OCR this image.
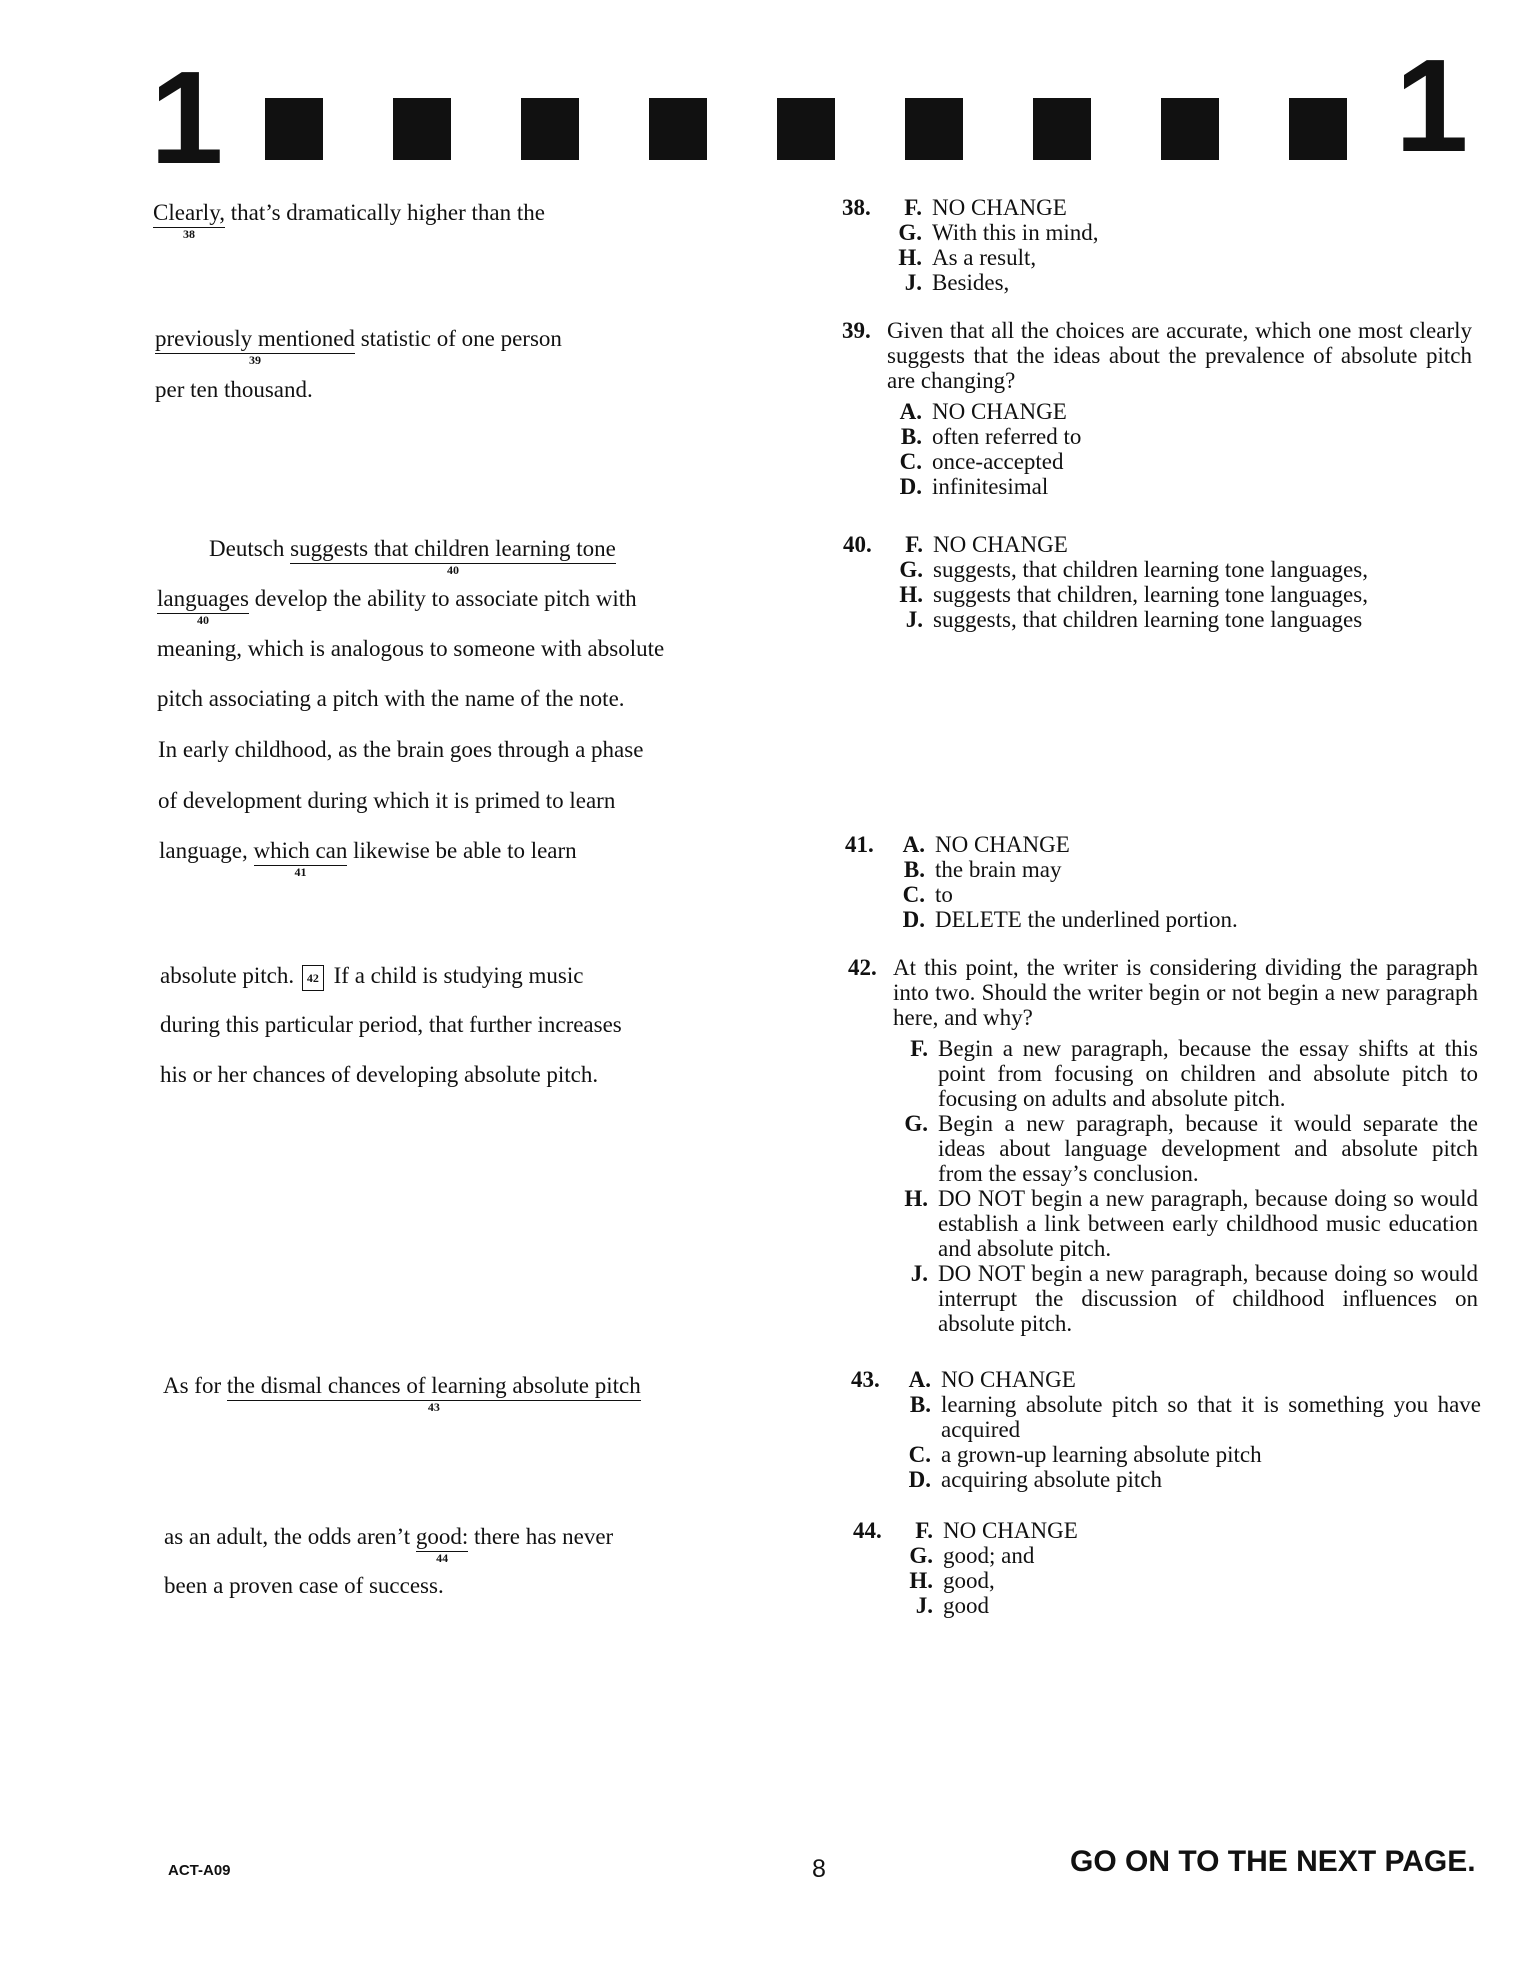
1	1
Clearly,
38
that’s dramatically higher than the
previously mentioned
39
statistic of one person
per ten thousand.
Deutsch suggests that children learning tone
40
languages
40
develop the ability to associate pitch with
meaning, which is analogous to someone with absolute
pitch associating a pitch with the name of the note.
In early childhood, as the brain goes through a phase
of development during which it is primed to learn
language, which can
41
likewise be able to learn
absolute pitch. 42 If a child is studying music
during this particular period, that further increases
his or her chances of developing absolute pitch.
As for the dismal chances of learning absolute pitch
43
as an adult, the odds aren’t good:
44
there has never
been a proven case of success.
38.	F. NO CHANGE
G. With this in mind,
H. As a result,
J. Besides,
39. Given that all the choices are accurate, which one most clearly suggests that the ideas about the prevalence of absolute pitch are changing?
A. NO CHANGE
B. often referred to
C. once-accepted
D. infinitesimal
40.	F. NO CHANGE
G. suggests, that children learning tone languages,
H. suggests that children, learning tone languages,
J. suggests, that children learning tone languages
41.	A. NO CHANGE
B. the brain may
C. to
D. DELETE the underlined portion.
42. At this point, the writer is considering dividing the paragraph into two. Should the writer begin or not begin a new paragraph here, and why?
F. Begin a new paragraph, because the essay shifts at this point from focusing on children and absolute pitch to focusing on adults and absolute pitch.
G. Begin a new paragraph, because it would separate the ideas about language development and absolute pitch from the essay’s conclusion.
H. DO NOT begin a new paragraph, because doing so would establish a link between early childhood music education and absolute pitch.
J. DO NOT begin a new paragraph, because doing so would interrupt the discussion of childhood influences on absolute pitch.
43.	A. NO CHANGE
B. learning absolute pitch so that it is something you have acquired
C. a grown-up learning absolute pitch
D. acquiring absolute pitch
44.	F. NO CHANGE
G. good; and
H. good,
J. good
ACT-A09	8	GO ON TO THE NEXT PAGE.
